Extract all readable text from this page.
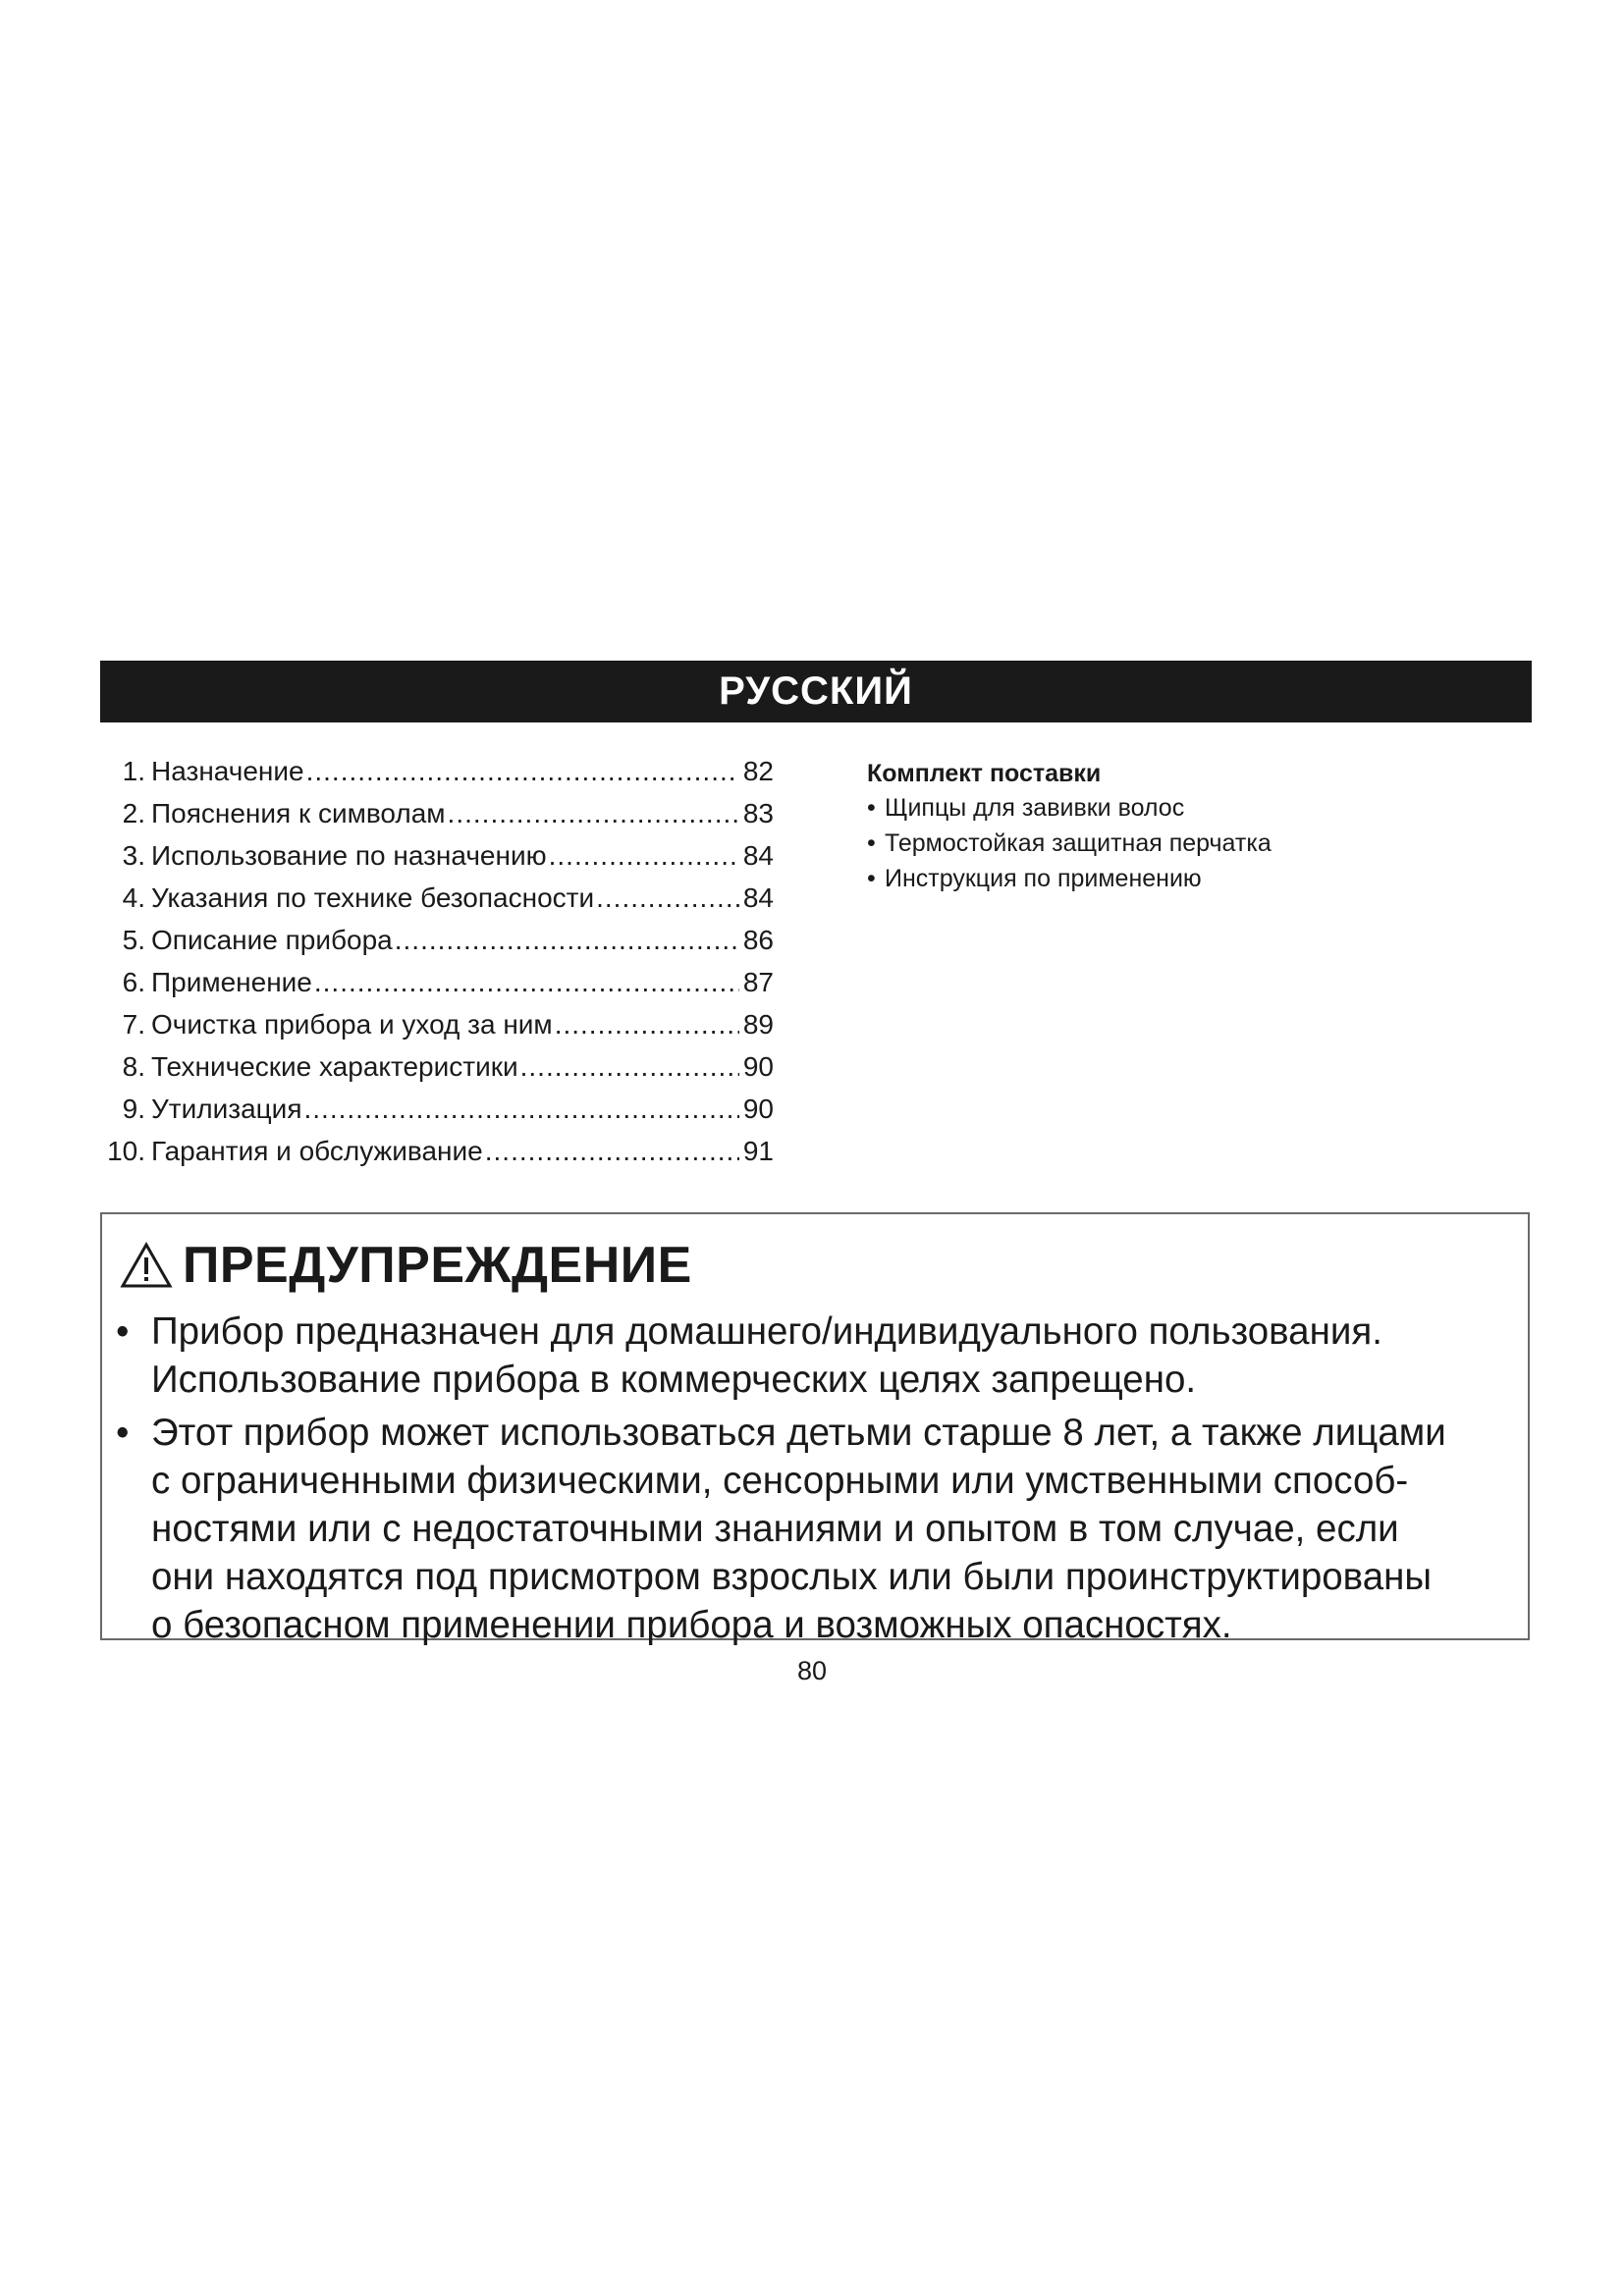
РУССКИЙ
1. Назначение .....	82
2. Пояснения к символам .....	83
3. Использование по назначению .....	84
4. Указания по технике безопасности .....	84
5. Описание прибора .....	86
6. Применение .....	87
7. Очистка прибора и уход за ним .....	89
8. Технические характеристики .....	90
9. Утилизация .....	90
10. Гарантия и обслуживание .....	91
Комплект поставки
• Щипцы для завивки волос
• Термостойкая защитная перчатка
• Инструкция по применению
ПРЕДУПРЕЖДЕНИЕ
• Прибор предназначен для домашнего/индивидуального пользования.
Использование прибора в коммерческих целях запрещено.
• Этот прибор может использоваться детьми старше 8 лет, а также лицами
с ограниченными физическими, сенсорными или умственными способ-
ностями или с недостаточными знаниями и опытом в том случае, если
они находятся под присмотром взрослых или были проинструктированы
о безопасном применении прибора и возможных опасностях.
80
